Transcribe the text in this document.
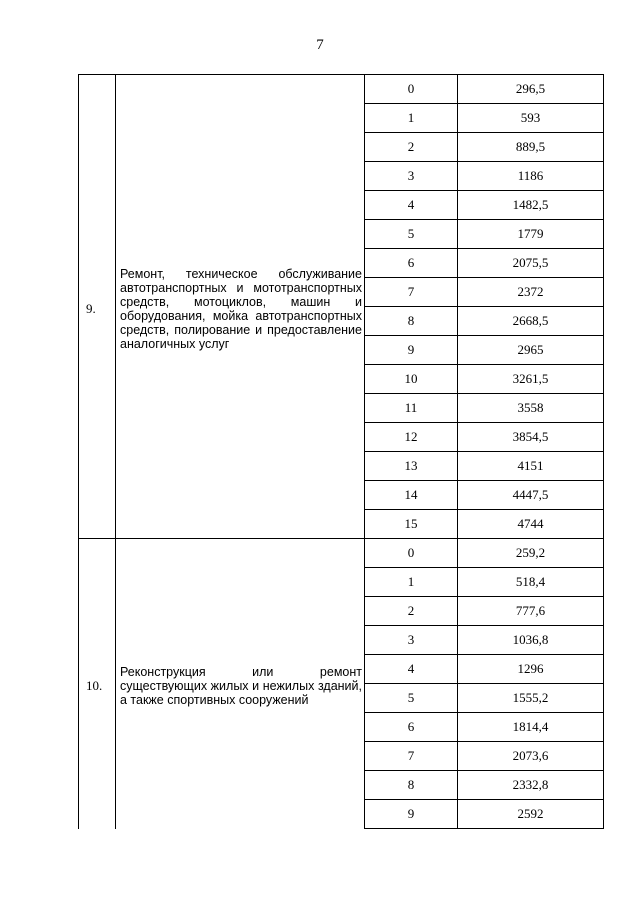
7
9.	Ремонт, техническое обслуживание автотранспортных и мототранспортных средств, мотоциклов, машин и оборудования, мойка автотранспортных средств, полирование и предоставление аналогичных услуг	0	296,5
		1	593
		2	889,5
		3	1186
		4	1482,5
		5	1779
		6	2075,5
		7	2372
		8	2668,5
		9	2965
		10	3261,5
		11	3558
		12	3854,5
		13	4151
		14	4447,5
		15	4744

10.	Реконструкция или ремонт существующих жилых и нежилых зданий, а также спортивных сооружений	0	259,2
		1	518,4
		2	777,6
		3	1036,8
		4	1296
		5	1555,2
		6	1814,4
		7	2073,6
		8	2332,8
		9	2592
